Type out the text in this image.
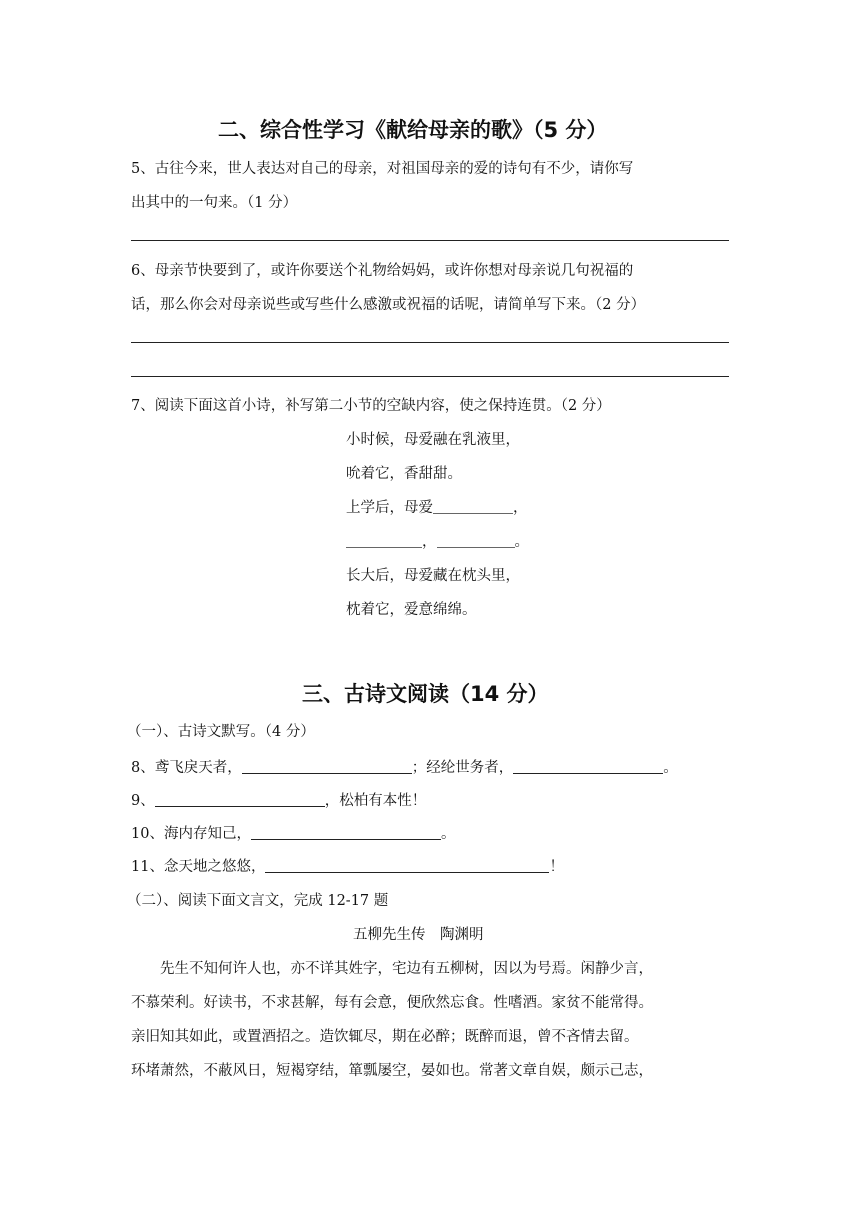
二、综合性学习《献给母亲的歌》（5 分）
5、古往今来，世人表达对自己的母亲，对祖国母亲的爱的诗句有不少，请你写
出其中的一句来。（1 分）
6、母亲节快要到了，或许你要送个礼物给妈妈，或许你想对母亲说几句祝福的
话，那么你会对母亲说些或写些什么感激或祝福的话呢，请简单写下来。（2 分）
7、阅读下面这首小诗，补写第二小节的空缺内容，使之保持连贯。（2 分）
小时候，母爱融在乳液里，
吮着它，香甜甜。
上学后，母爱	，
，	。
长大后，母爱藏在枕头里，
枕着它，爱意绵绵。
三、古诗文阅读（14 分）
（一）、古诗文默写。（4 分）
8、鸢飞戾天者，	；经纶世务者，	。
9、	，松柏有本性！
10、海内存知己，	。
11、念天地之悠悠，	！
（二）、阅读下面文言文，完成 12-17 题
五柳先生传　陶渊明
　　先生不知何许人也，亦不详其姓字，宅边有五柳树，因以为号焉。闲静少言，
不慕荣利。好读书，不求甚解，每有会意，便欣然忘食。性嗜酒。家贫不能常得。
亲旧知其如此，或置酒招之。造饮辄尽，期在必醉；既醉而退，曾不吝情去留。
环堵萧然，不蔽风日，短褐穿结，箪瓢屡空，晏如也。常著文章自娱，颇示己志，
